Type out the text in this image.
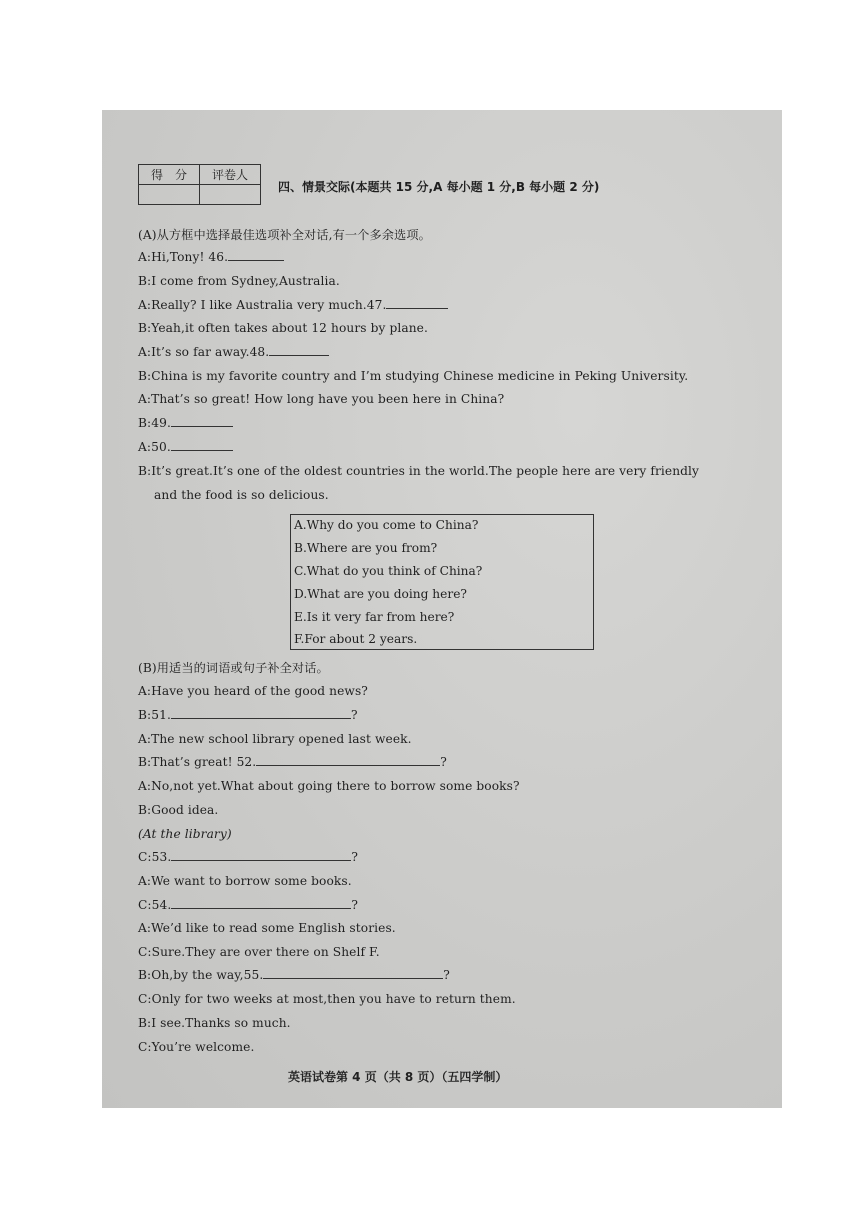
得　分	评卷人

四、情景交际(本题共 15 分,A 每小题 1 分,B 每小题 2 分)
(A)从方框中选择最佳选项补全对话,有一个多余选项。
A:Hi,Tony! 46.
B:I come from Sydney,Australia.
A:Really? I like Australia very much.47.
B:Yeah,it often takes about 12 hours by plane.
A:It’s so far away.48.
B:China is my favorite country and I’m studying Chinese medicine in Peking University.
A:That’s so great! How long have you been here in China?
B:49.
A:50.
B:It’s great.It’s one of the oldest countries in the world.The people here are very friendly
and the food is so delicious.
A.Why do you come to China?
B.Where are you from?
C.What do you think of China?
D.What are you doing here?
E.Is it very far from here?
F.For about 2 years.
(B)用适当的词语或句子补全对话。
A:Have you heard of the good news?
B:51.	?
A:The new school library opened last week.
B:That’s great! 52.	?
A:No,not yet.What about going there to borrow some books?
B:Good idea.
(At the library)
C:53.	?
A:We want to borrow some books.
C:54.	?
A:We’d like to read some English stories.
C:Sure.They are over there on Shelf F.
B:Oh,by the way,55.	?
C:Only for two weeks at most,then you have to return them.
B:I see.Thanks so much.
C:You’re welcome.
英语试卷第 4 页（共 8 页）（五四学制）
